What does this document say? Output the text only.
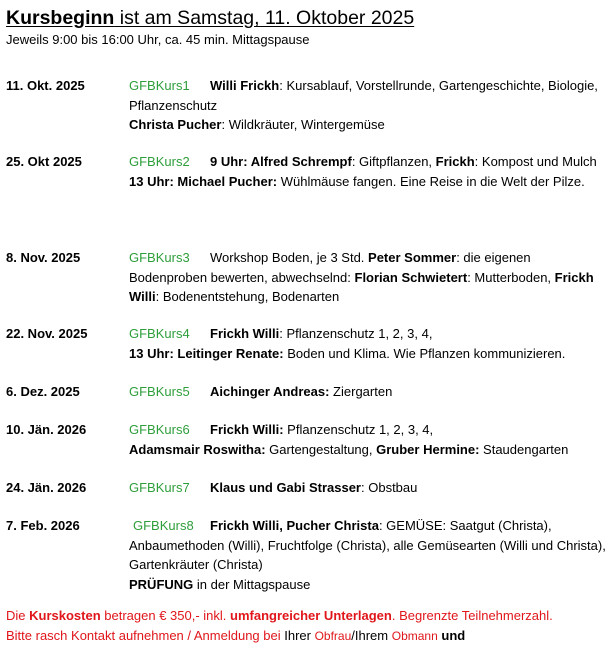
Kursbeginn ist am Samstag, 11. Oktober 2025
Jeweils 9:00 bis 16:00 Uhr, ca. 45 min. Mittagspause
11. Okt. 2025	GFBKurs1	Willi Frickh: Kursablauf, Vorstellrunde, Gartengeschichte, Biologie, Pflanzenschutz
Christa Pucher: Wildkräuter, Wintergemüse
25. Okt 2025	GFBKurs2	9 Uhr: Alfred Schrempf: Giftpflanzen, Frickh: Kompost und Mulch
13 Uhr: Michael Pucher: Wühlmäuse fangen. Eine Reise in die Welt der Pilze.
8. Nov. 2025	GFBKurs3	Workshop Boden, je 3 Std. Peter Sommer: die eigenen Bodenproben bewerten, abwechselnd: Florian Schwietert: Mutterboden, Frickh Willi: Bodenentstehung, Bodenarten
22. Nov. 2025	GFBKurs4	Frickh Willi: Pflanzenschutz 1, 2, 3, 4,
13 Uhr: Leitinger Renate: Boden und Klima. Wie Pflanzen kommunizieren.
6. Dez. 2025	GFBKurs5	Aichinger Andreas: Ziergarten
10. Jän. 2026	GFBKurs6	Frickh Willi: Pflanzenschutz 1, 2, 3, 4,
Adamsmair Roswitha: Gartengestaltung, Gruber Hermine: Staudengarten
24. Jän. 2026	GFBKurs7	Klaus und Gabi Strasser: Obstbau
7. Feb. 2026	GFBKurs8	Frickh Willi, Pucher Christa: GEMÜSE: Saatgut (Christa), Anbaumethoden (Willi), Fruchtfolge (Christa), alle Gemüsearten (Willi und Christa), Gartenkräuter (Christa)
PRÜFUNG in der Mittagspause
Die Kurskosten betragen € 350,- inkl. umfangreicher Unterlagen. Begrenzte Teilnehmerzahl.
Bitte rasch Kontakt aufnehmen / Anmeldung bei Ihrer Obfrau/Ihrem Obmann und
